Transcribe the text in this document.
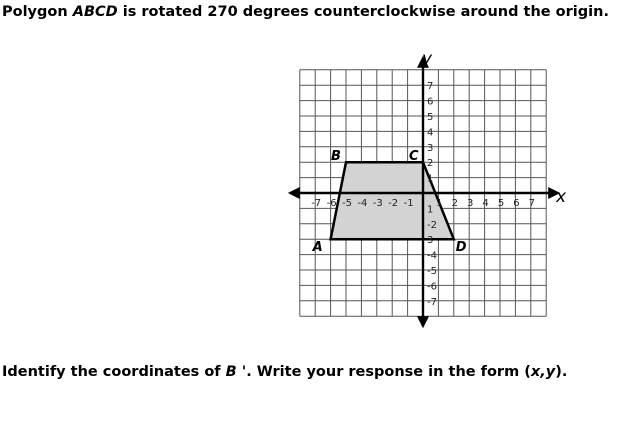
Polygon ABCD is rotated 270 degrees counterclockwise around the origin.
-7 -6 -5 -4 -3 -2 -1 1 2 3 4 5 6 7
7
6
5
4
3
2
1
1
-2
3
-4
-5
-6
-7
x
y
A
B	C
D
Identify the coordinates of B '. Write your response in the form (x,y).
